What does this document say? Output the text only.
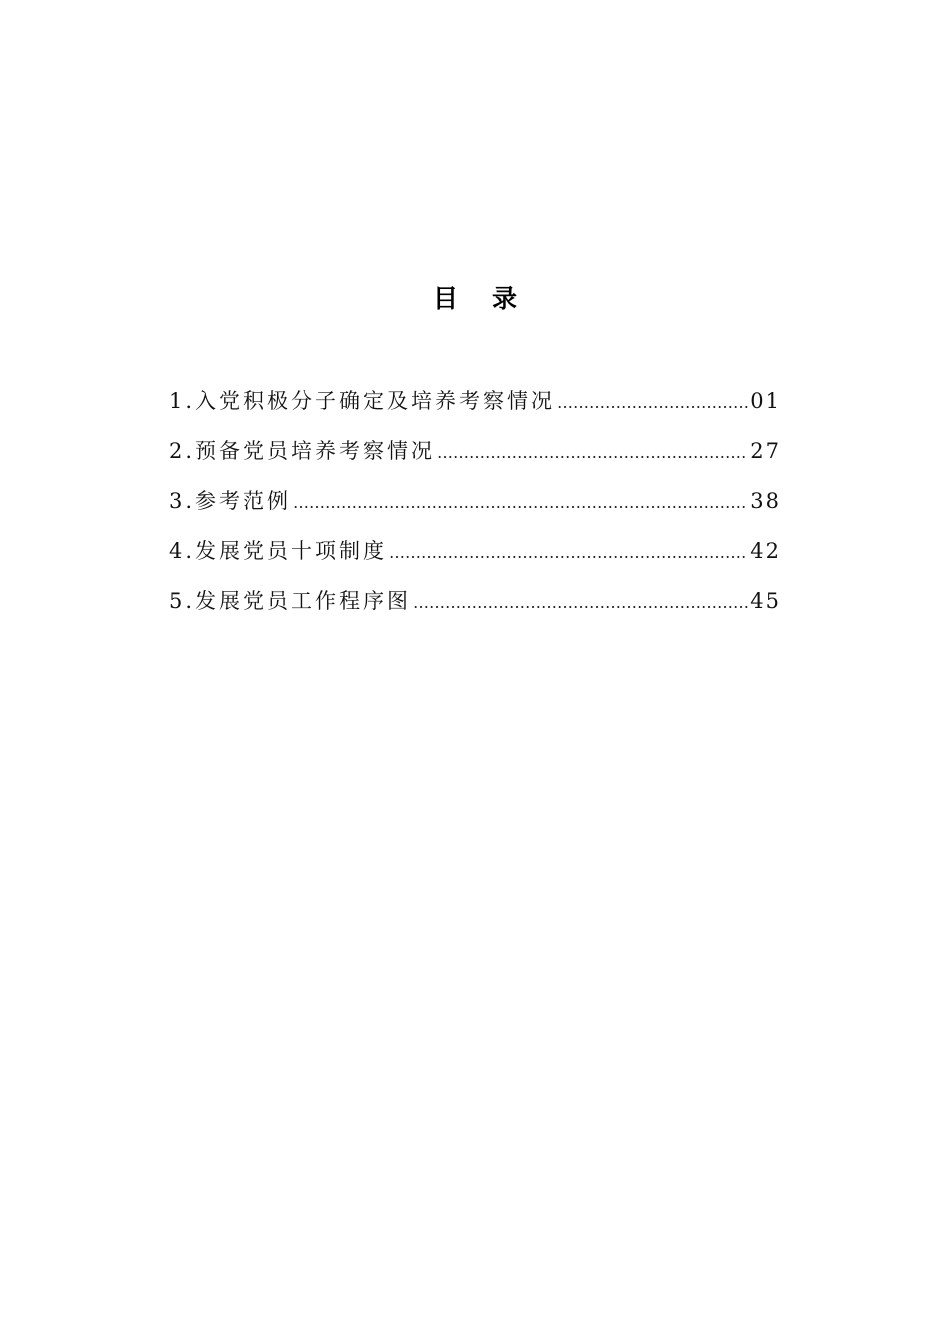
目录
1.入党积极分子确定及培养考察情况 …………………………………………………………………………………………………………………………………………………………………………………	01
2.预备党员培养考察情况 …………………………………………………………………………………………………………………………………………………………………………………	27
3.参考范例 …………………………………………………………………………………………………………………………………………………………………………………	38
4.发展党员十项制度 …………………………………………………………………………………………………………………………………………………………………………………	42
5.发展党员工作程序图 …………………………………………………………………………………………………………………………………………………………………………………	45
